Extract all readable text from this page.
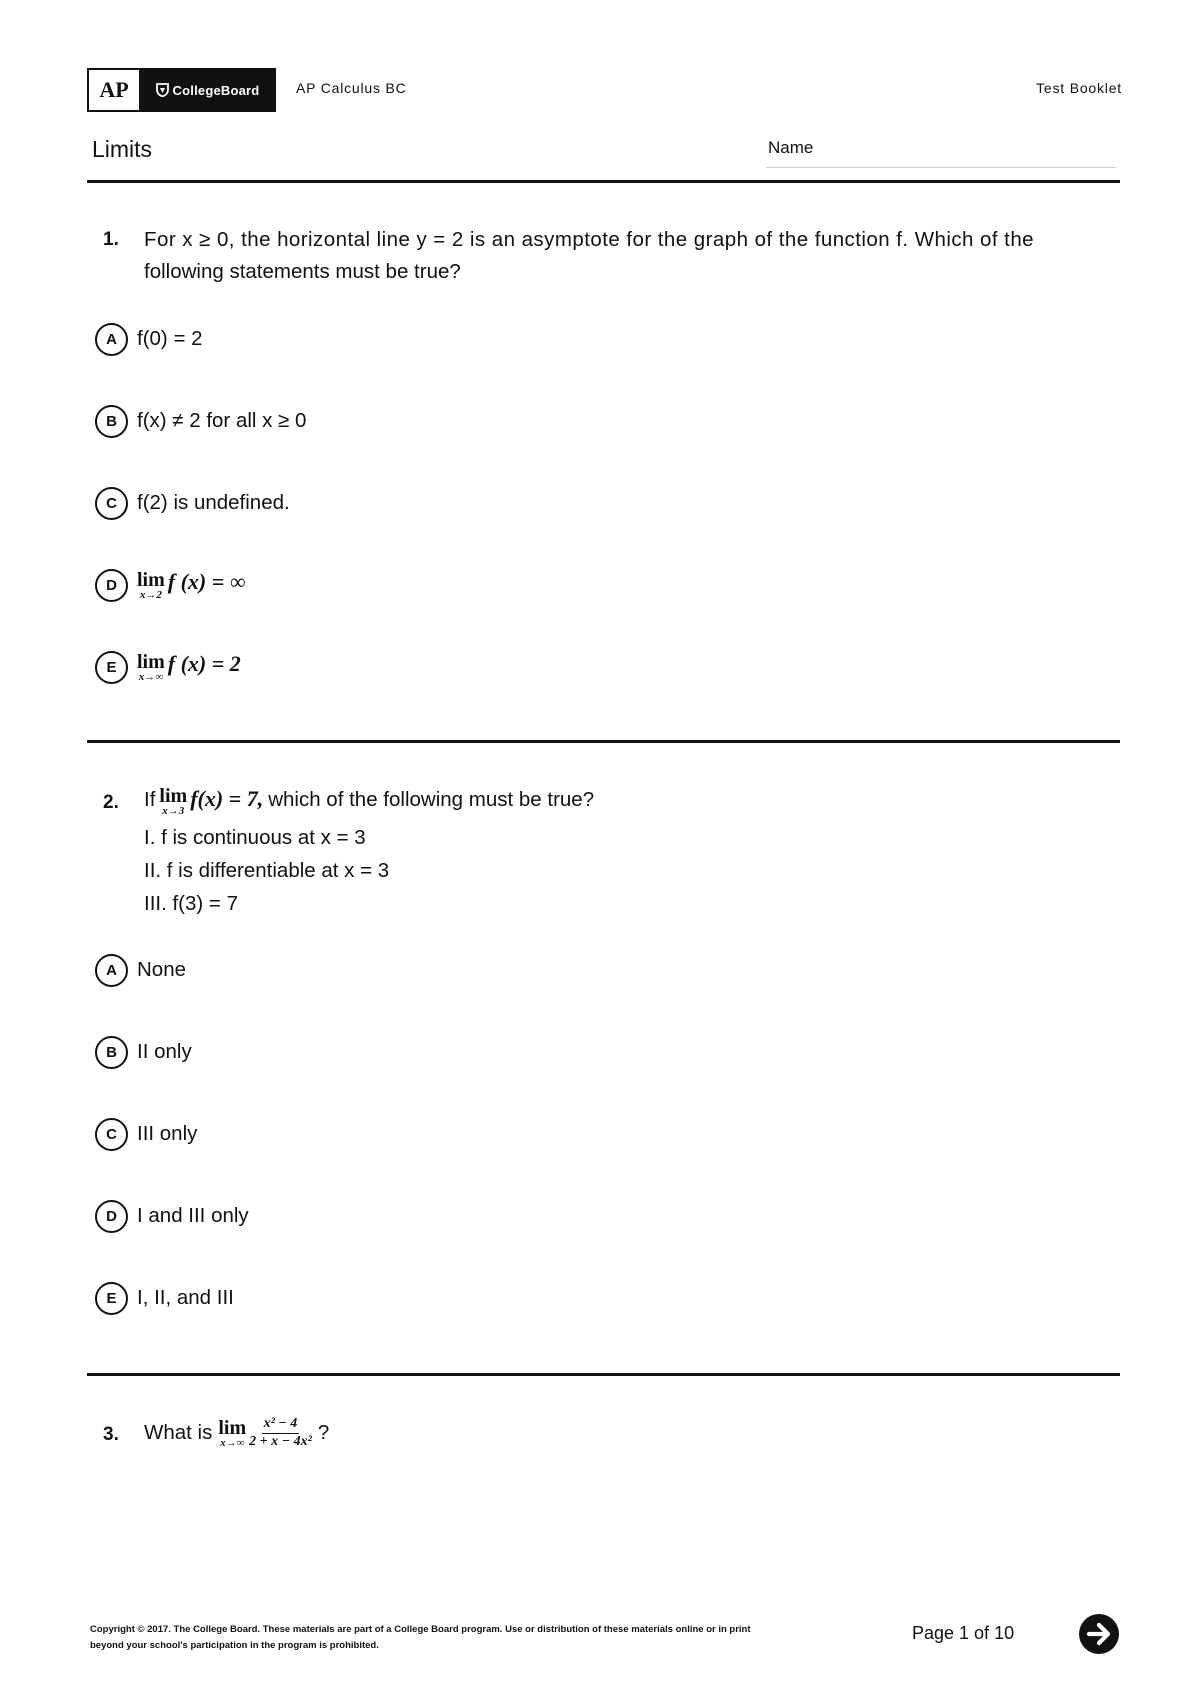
AP	CollegeBoard	AP Calculus BC	Test Booklet
Limits	Name
1. For x ≥ 0, the horizontal line y = 2 is an asymptote for the graph of the function f. Which of the
following statements must be true?
A f(0) = 2
B f(x) ≠ 2 for all x ≥ 0
C f(2) is undefined.
D	lim
x→2
f (x) = ∞
E	lim
x→∞
f (x) = 2
2. If lim
x→3 f(x) = 7, which of the following must be true?
I. f is continuous at x = 3
II. f is differentiable at x = 3
III. f(3) = 7
A None
B II only
C III only
D I and III only
E	I, II, and III
3. What is lim
$x\to\infty \frac{\text{x² − 4}}{\text{2 + x − 4x²}}$ ?
Copyright © 2017. The College Board. These materials are part of a College Board program. Use or distribution of these materials online or in print
beyond your school's participation in the program is prohibited.
Page 1 of 10
